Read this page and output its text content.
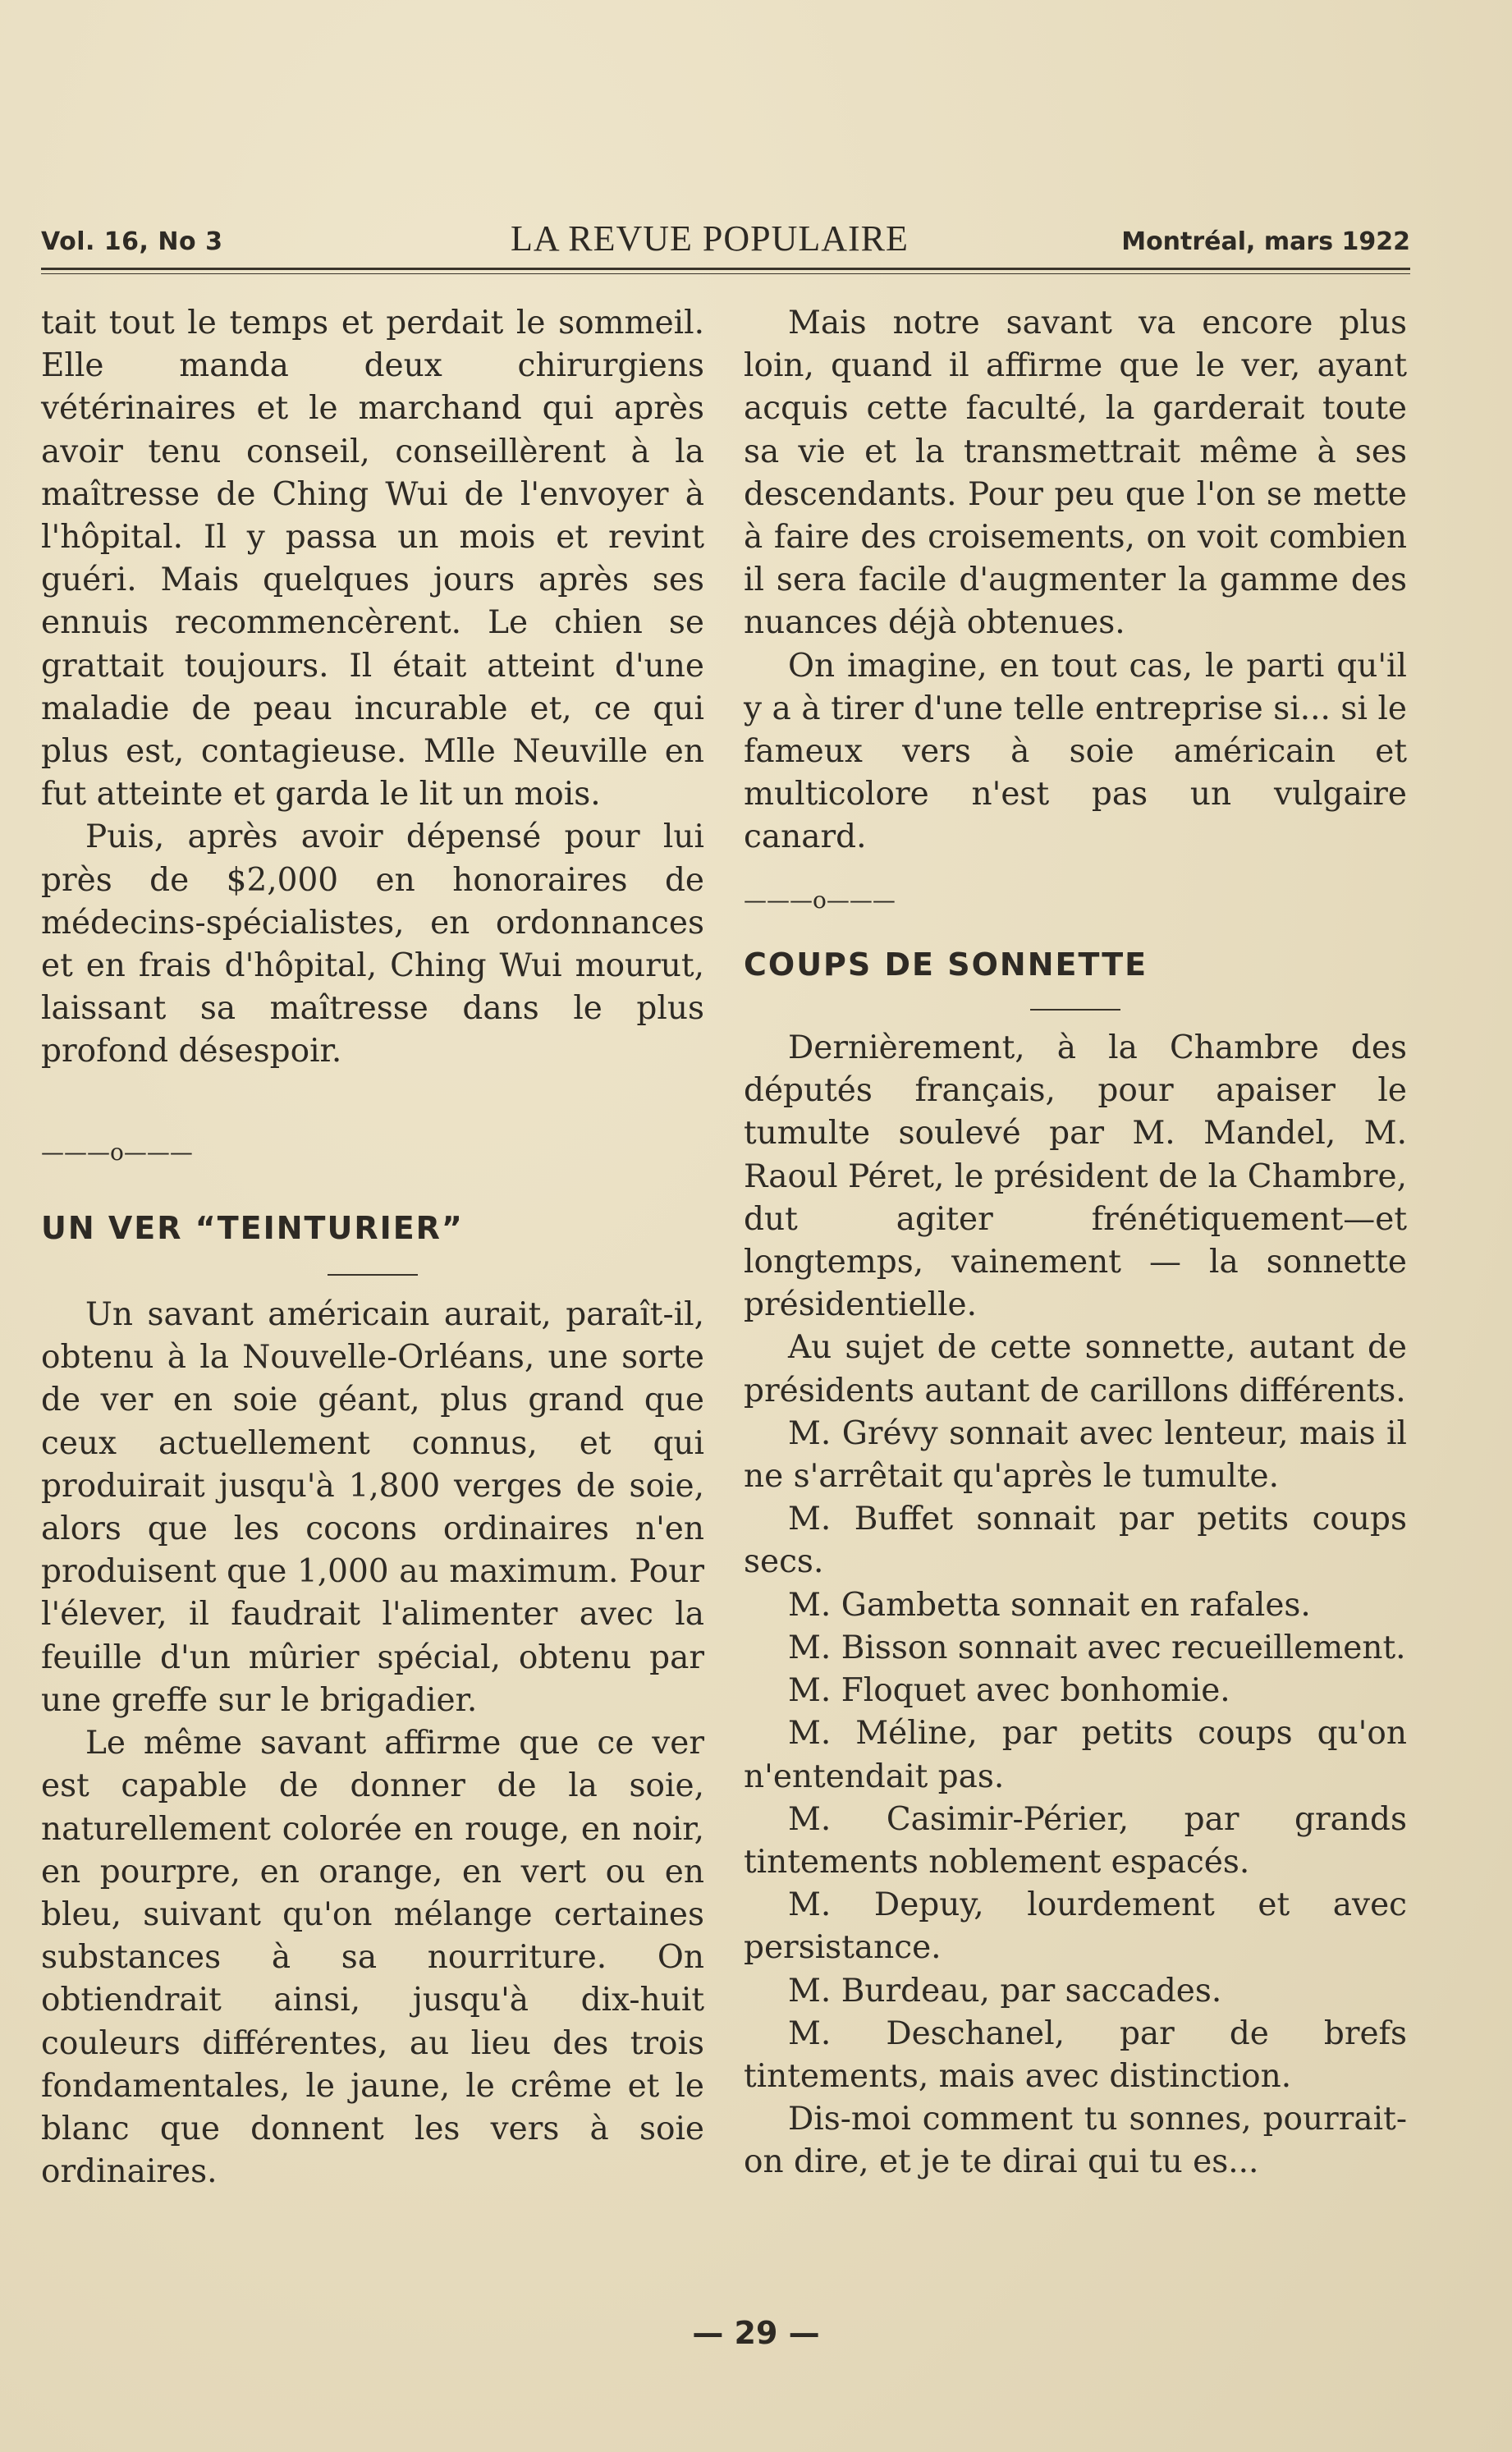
Vol. 16, No 3	LA REVUE POPULAIRE	Montréal, mars 1922

tait tout le temps et perdait le sommeil. Elle manda deux chirurgiens vétérinaires et le marchand qui après avoir tenu conseil, conseillèrent à la maîtresse de Ching Wui de l'envoyer à l'hôpital. Il y passa un mois et revint guéri. Mais quelques jours après ses ennuis recommencèrent. Le chien se grattait toujours. Il était atteint d'une maladie de peau incurable et, ce qui plus est, contagieuse. Mlle Neuville en fut atteinte et garda le lit un mois.

Puis, après avoir dépensé pour lui près de $2,000 en honoraires de médecins-spécialistes, en ordonnances et en frais d'hôpital, Ching Wui mourut, laissant sa maîtresse dans le plus profond désespoir.

———o———

UN VER “TEINTURIER”

Un savant américain aurait, paraît-il, obtenu à la Nouvelle-Orléans, une sorte de ver en soie géant, plus grand que ceux actuellement connus, et qui produirait jusqu'à 1,800 verges de soie, alors que les cocons ordinaires n'en produisent que 1,000 au maximum. Pour l'élever, il faudrait l'alimenter avec la feuille d'un mûrier spécial, obtenu par une greffe sur le brigadier.

Le même savant affirme que ce ver est capable de donner de la soie, naturellement colorée en rouge, en noir, en pourpre, en orange, en vert ou en bleu, suivant qu'on mélange certaines substances à sa nourriture. On obtiendrait ainsi, jusqu'à dix-huit couleurs différentes, au lieu des trois fondamentales, le jaune, le crême et le blanc que donnent les vers à soie ordinaires.

Mais notre savant va encore plus loin, quand il affirme que le ver, ayant acquis cette faculté, la garderait toute sa vie et la transmettrait même à ses descendants. Pour peu que l'on se mette à faire des croisements, on voit combien il sera facile d'augmenter la gamme des nuances déjà obtenues.

On imagine, en tout cas, le parti qu'il y a à tirer d'une telle entreprise si... si le fameux vers à soie américain et multicolore n'est pas un vulgaire canard.

———o———

COUPS DE SONNETTE

Dernièrement, à la Chambre des députés français, pour apaiser le tumulte soulevé par M. Mandel, M. Raoul Péret, le président de la Chambre, dut agiter frénétiquement—et longtemps, vainement — la sonnette présidentielle.

Au sujet de cette sonnette, autant de présidents autant de carillons différents.

M. Grévy sonnait avec lenteur, mais il ne s'arrêtait qu'après le tumulte.

M. Buffet sonnait par petits coups secs.

M. Gambetta sonnait en rafales.

M. Bisson sonnait avec recueillement.

M. Floquet avec bonhomie.

M. Méline, par petits coups qu'on n'entendait pas.

M. Casimir-Périer, par grands tintements noblement espacés.

M. Depuy, lourdement et avec persistance.

M. Burdeau, par saccades.

M. Deschanel, par de brefs tintements, mais avec distinction.

Dis-moi comment tu sonnes, pourrait-on dire, et je te dirai qui tu es...

— 29 —
